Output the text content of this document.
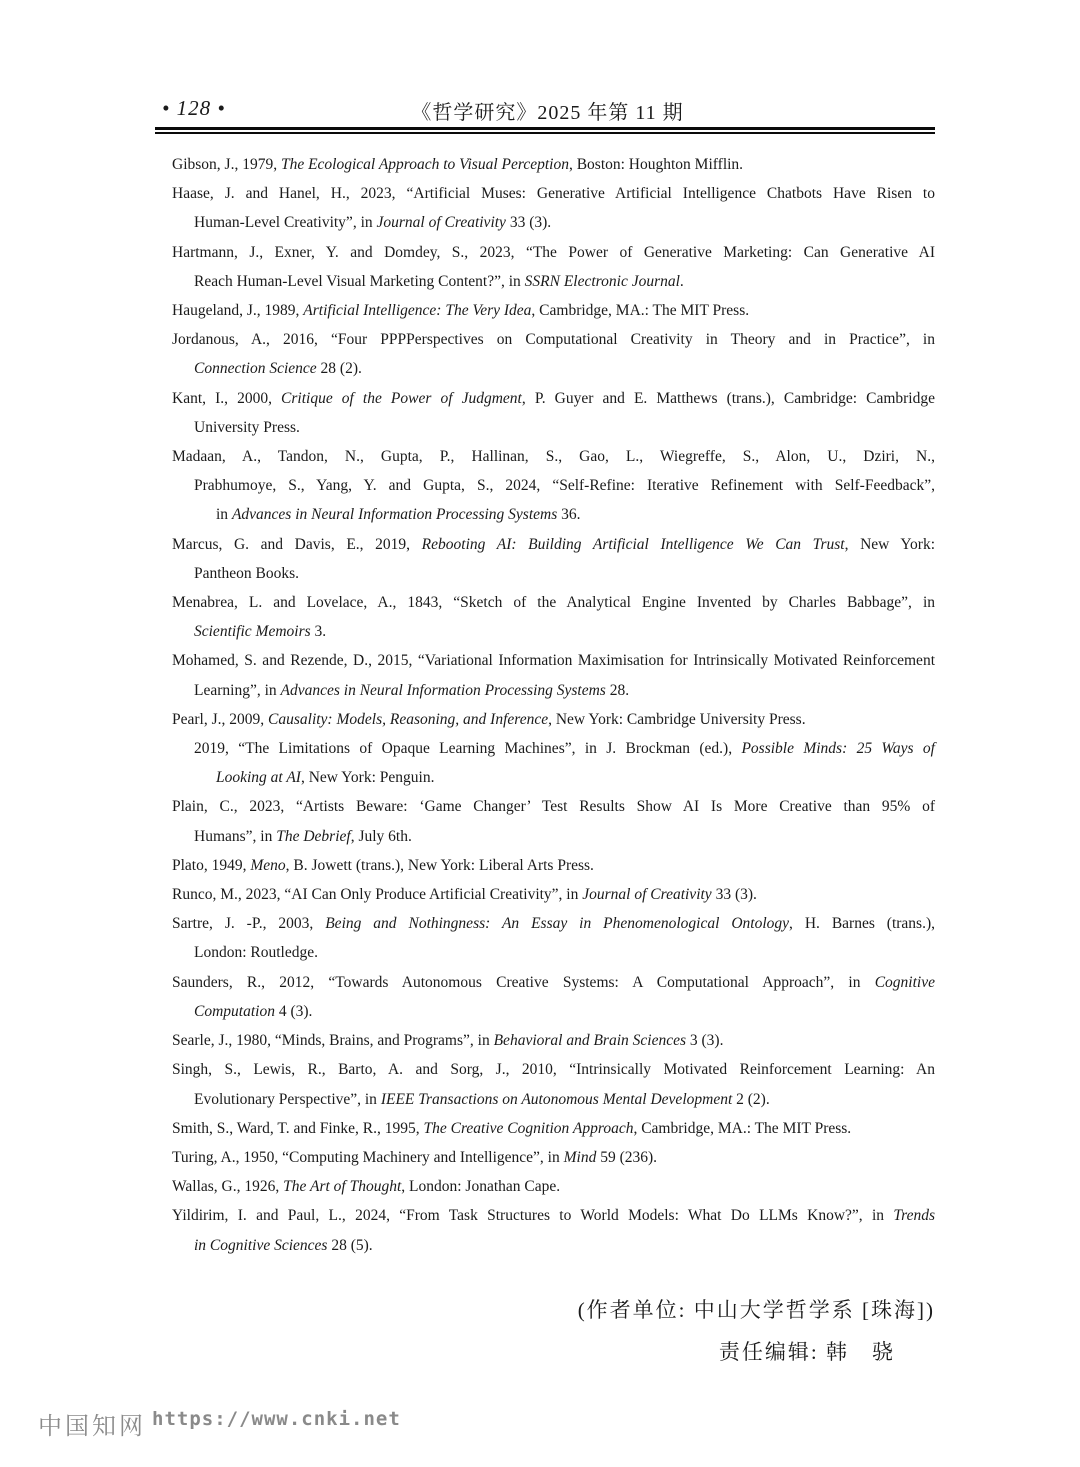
• 128 •	《哲学研究》2025 年第 11 期
Gibson, J., 1979, The Ecological Approach to Visual Perception, Boston: Houghton Mifflin.
Haase, J. and Hanel, H., 2023, “Artificial Muses: Generative Artificial Intelligence Chatbots Have Risen to
Human-Level Creativity”, in Journal of Creativity 33 (3).
Hartmann, J., Exner, Y. and Domdey, S., 2023, “The Power of Generative Marketing: Can Generative AI
Reach Human-Level Visual Marketing Content?”, in SSRN Electronic Journal.
Haugeland, J., 1989, Artificial Intelligence: The Very Idea, Cambridge, MA.: The MIT Press.
Jordanous, A., 2016, “Four PPPPerspectives on Computational Creativity in Theory and in Practice”, in
Connection Science 28 (2).
Kant, I., 2000, Critique of the Power of Judgment, P. Guyer and E. Matthews (trans.), Cambridge: Cambridge
University Press.
Madaan, A., Tandon, N., Gupta, P., Hallinan, S., Gao, L., Wiegreffe, S., Alon, U., Dziri, N.,
Prabhumoye, S., Yang, Y. and Gupta, S., 2024, “Self-Refine: Iterative Refinement with Self-Feedback”,
in Advances in Neural Information Processing Systems 36.
Marcus, G. and Davis, E., 2019, Rebooting AI: Building Artificial Intelligence We Can Trust, New York:
Pantheon Books.
Menabrea, L. and Lovelace, A., 1843, “Sketch of the Analytical Engine Invented by Charles Babbage”, in
Scientific Memoirs 3.
Mohamed, S. and Rezende, D., 2015, “Variational Information Maximisation for Intrinsically Motivated Reinforcement
Learning”, in Advances in Neural Information Processing Systems 28.
Pearl, J., 2009, Causality: Models, Reasoning, and Inference, New York: Cambridge University Press.
2019, “The Limitations of Opaque Learning Machines”, in J. Brockman (ed.), Possible Minds: 25 Ways of
Looking at AI, New York: Penguin.
Plain, C., 2023, “Artists Beware: ‘Game Changer’ Test Results Show AI Is More Creative than 95% of
Humans”, in The Debrief, July 6th.
Plato, 1949, Meno, B. Jowett (trans.), New York: Liberal Arts Press.
Runco, M., 2023, “AI Can Only Produce Artificial Creativity”, in Journal of Creativity 33 (3).
Sartre, J. -P., 2003, Being and Nothingness: An Essay in Phenomenological Ontology, H. Barnes (trans.),
London: Routledge.
Saunders, R., 2012, “Towards Autonomous Creative Systems: A Computational Approach”, in Cognitive
Computation 4 (3).
Searle, J., 1980, “Minds, Brains, and Programs”, in Behavioral and Brain Sciences 3 (3).
Singh, S., Lewis, R., Barto, A. and Sorg, J., 2010, “Intrinsically Motivated Reinforcement Learning: An
Evolutionary Perspective”, in IEEE Transactions on Autonomous Mental Development 2 (2).
Smith, S., Ward, T. and Finke, R., 1995, The Creative Cognition Approach, Cambridge, MA.: The MIT Press.
Turing, A., 1950, “Computing Machinery and Intelligence”, in Mind 59 (236).
Wallas, G., 1926, The Art of Thought, London: Jonathan Cape.
Yildirim, I. and Paul, L., 2024, “From Task Structures to World Models: What Do LLMs Know?”, in Trends
in Cognitive Sciences 28 (5).
(作者单位: 中山大学哲学系 [珠海])
责任编辑: 韩　骁
中国知网 https://www.cnki.net
